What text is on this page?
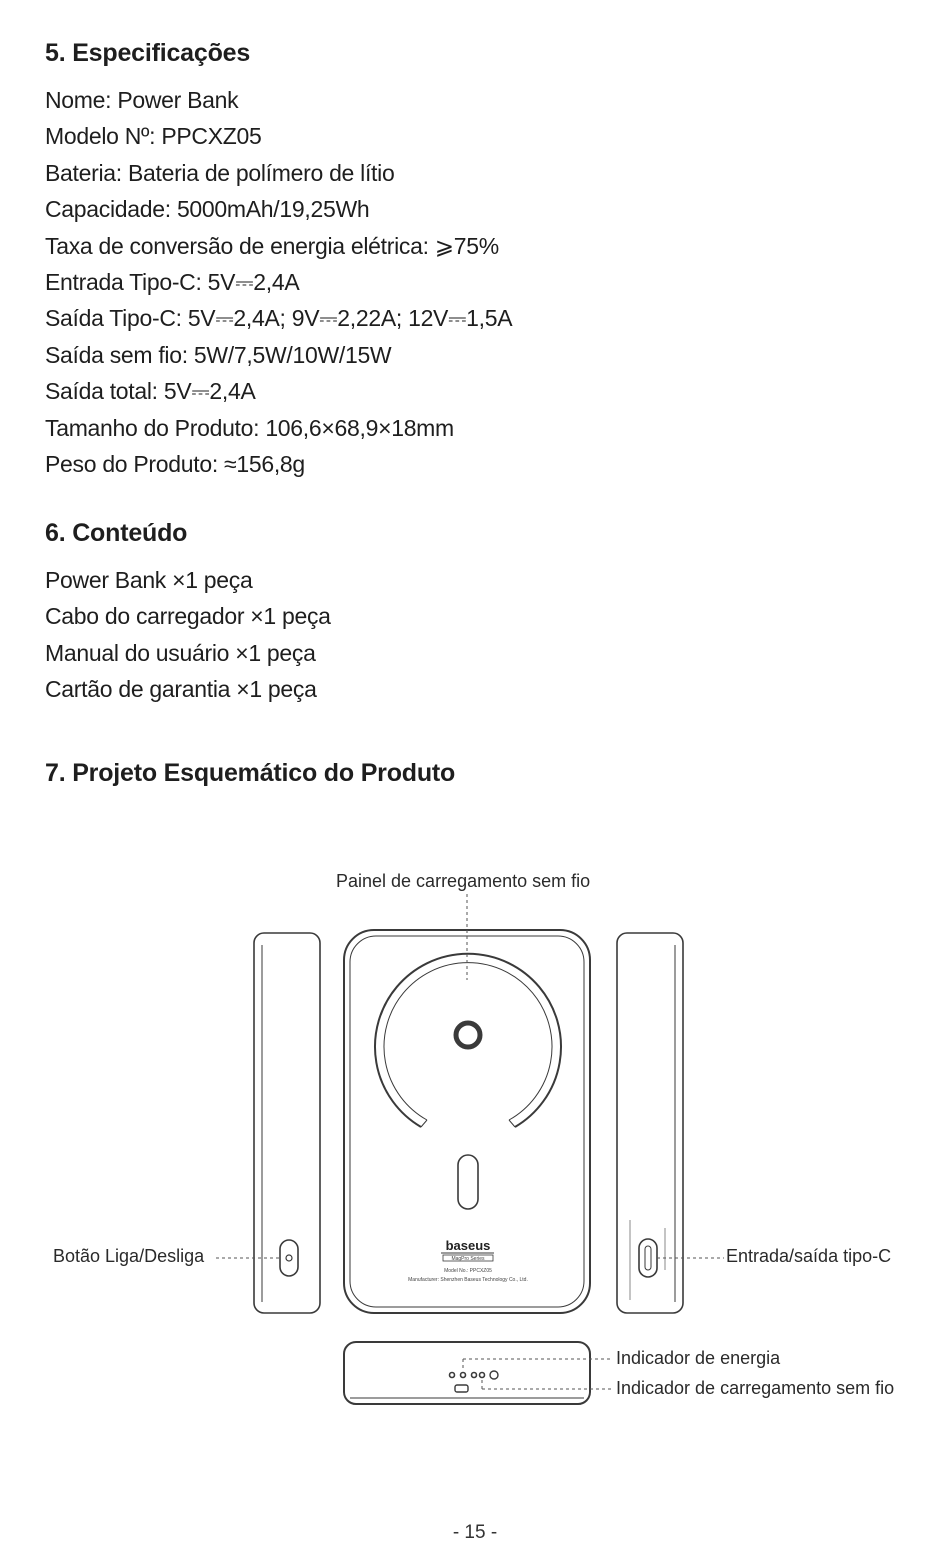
5. Especificações
Nome: Power Bank
Modelo Nº: PPCXZ05
Bateria: Bateria de polímero de lítio
Capacidade: 5000mAh/19,25Wh
Taxa de conversão de energia elétrica: ⩾75%
Entrada Tipo-C: 5V⎓2,4A
Saída Tipo-C: 5V⎓2,4A; 9V⎓2,22A; 12V⎓1,5A
Saída sem fio: 5W/7,5W/10W/15W
Saída total: 5V⎓2,4A
Tamanho do Produto: 106,6×68,9×18mm
Peso do Produto: ≈156,8g
6. Conteúdo
Power Bank ×1 peça
Cabo do carregador ×1 peça
Manual do usuário ×1 peça
Cartão de garantia ×1 peça
7. Projeto Esquemático do Produto
baseus
MagPro Series
Model No.: PPCXZ05
Manufacturer: Shenzhen Baseus Technology Co., Ltd.
Painel de carregamento sem fio
Botão Liga/Desliga	Entrada/saída tipo-C
Indicador de energia
Indicador de carregamento sem fio
- 15 -
